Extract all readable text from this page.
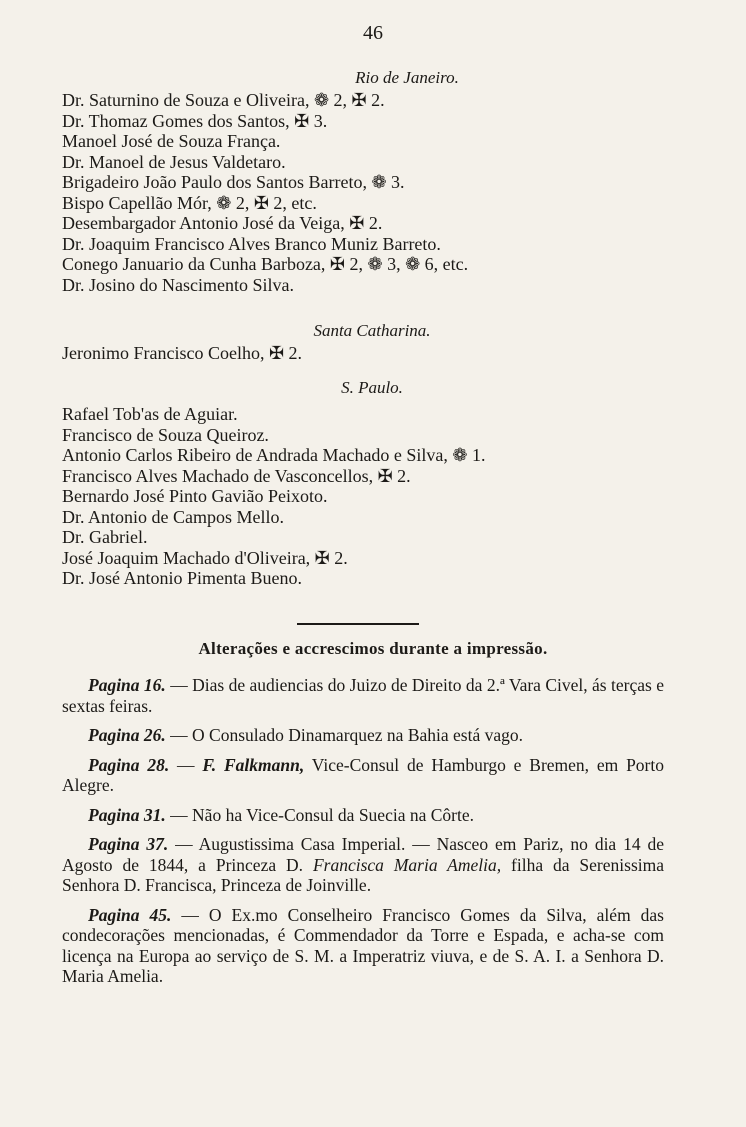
46

Rio de Janeiro.

Dr. Saturnino de Souza e Oliveira, ❁ 2, ✠ 2.
Dr. Thomaz Gomes dos Santos, ✠ 3.
Manoel José de Souza França.
Dr. Manoel de Jesus Valdetaro.
Brigadeiro João Paulo dos Santos Barreto, ❁ 3.
Bispo Capellão Mór, ❁ 2, ✠ 2, etc.
Desembargador Antonio José da Veiga, ✠ 2.
Dr. Joaquim Francisco Alves Branco Muniz Barreto.
Conego Januario da Cunha Barboza, ✠ 2, ❁ 3, ❁ 6, etc.
Dr. Josino do Nascimento Silva.

Santa Catharina.

Jeronimo Francisco Coelho, ✠ 2.

S. Paulo.

Rafael Tob'as de Aguiar.
Francisco de Souza Queiroz.
Antonio Carlos Ribeiro de Andrada Machado e Silva, ❁ 1.
Francisco Alves Machado de Vasconcellos, ✠ 2.
Bernardo José Pinto Gavião Peixoto.
Dr. Antonio de Campos Mello.
Dr. Gabriel.
José Joaquim Machado d'Oliveira, ✠ 2.
Dr. José Antonio Pimenta Bueno.
Alterações e accrescimos durante a impressão.

Pagina 16. — Dias de audiencias do Juizo de Direito da 2.ª Vara Civel, ás terças e sextas feiras.

Pagina 26. — O Consulado Dinamarquez na Bahia está vago.

Pagina 28. — F. Falkmann, Vice-Consul de Hamburgo e Bremen, em Porto Alegre.

Pagina 31. — Não ha Vice-Consul da Suecia na Côrte.

Pagina 37. — Augustissima Casa Imperial. — Nasceo em Pariz, no dia 14 de Agosto de 1844, a Princeza D. Francisca Maria Amelia, filha da Serenissima Senhora D. Francisca, Princeza de Joinville.

Pagina 45. — O Ex.mo Conselheiro Francisco Gomes da Silva, além das condecorações mencionadas, é Commendador da Torre e Espada, e acha-se com licença na Europa ao serviço de S. M. a Imperatriz viuva, e de S. A. I. a Senhora D. Maria Amelia.
